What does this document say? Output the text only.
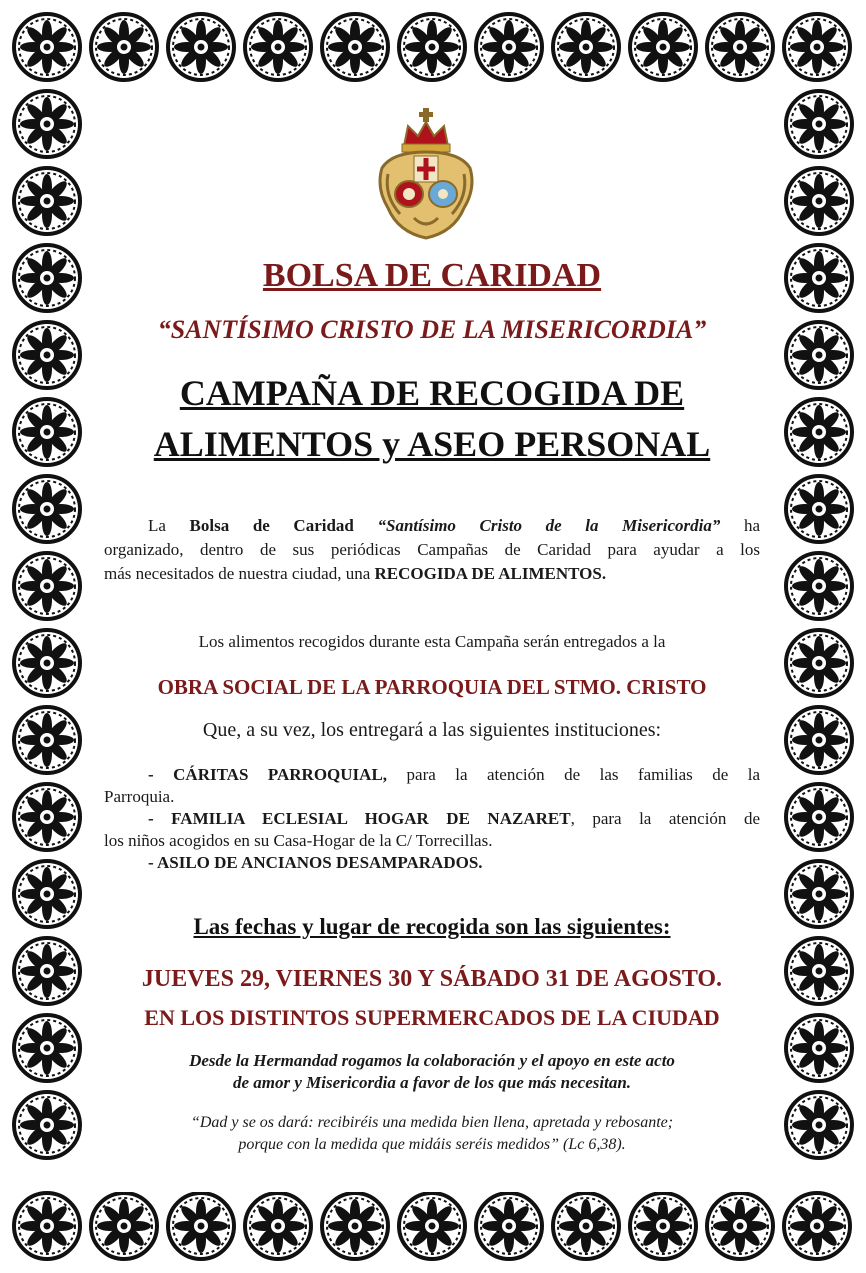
BOLSA DE CARIDAD
“SANTÍSIMO CRISTO DE LA MISERICORDIA”
CAMPAÑA DE RECOGIDA DE
ALIMENTOS y ASEO PERSONAL
La Bolsa de Caridad “Santísimo Cristo de la Misericordia” ha
organizado, dentro de sus periódicas Campañas de Caridad para ayudar a los
más necesitados de nuestra ciudad, una RECOGIDA DE ALIMENTOS.
Los alimentos recogidos durante esta Campaña serán entregados a la
OBRA SOCIAL DE LA PARROQUIA DEL STMO. CRISTO
Que, a su vez, los entregará a las siguientes instituciones:
- CÁRITAS PARROQUIAL, para la atención de las familias de la
Parroquia.
- FAMILIA ECLESIAL HOGAR DE NAZARET, para la atención de
los niños acogidos en su Casa-Hogar de la C/ Torrecillas.
- ASILO DE ANCIANOS DESAMPARADOS.
Las fechas y lugar de recogida son las siguientes:
JUEVES 29, VIERNES 30 Y SÁBADO 31 DE AGOSTO.
EN LOS DISTINTOS SUPERMERCADOS DE LA CIUDAD
Desde la Hermandad rogamos la colaboración y el apoyo en este acto
de amor y Misericordia a favor de los que más necesitan.
“Dad y se os dará: recibiréis una medida bien llena, apretada y rebosante;
porque con la medida que midáis seréis medidos” (Lc 6,38).
